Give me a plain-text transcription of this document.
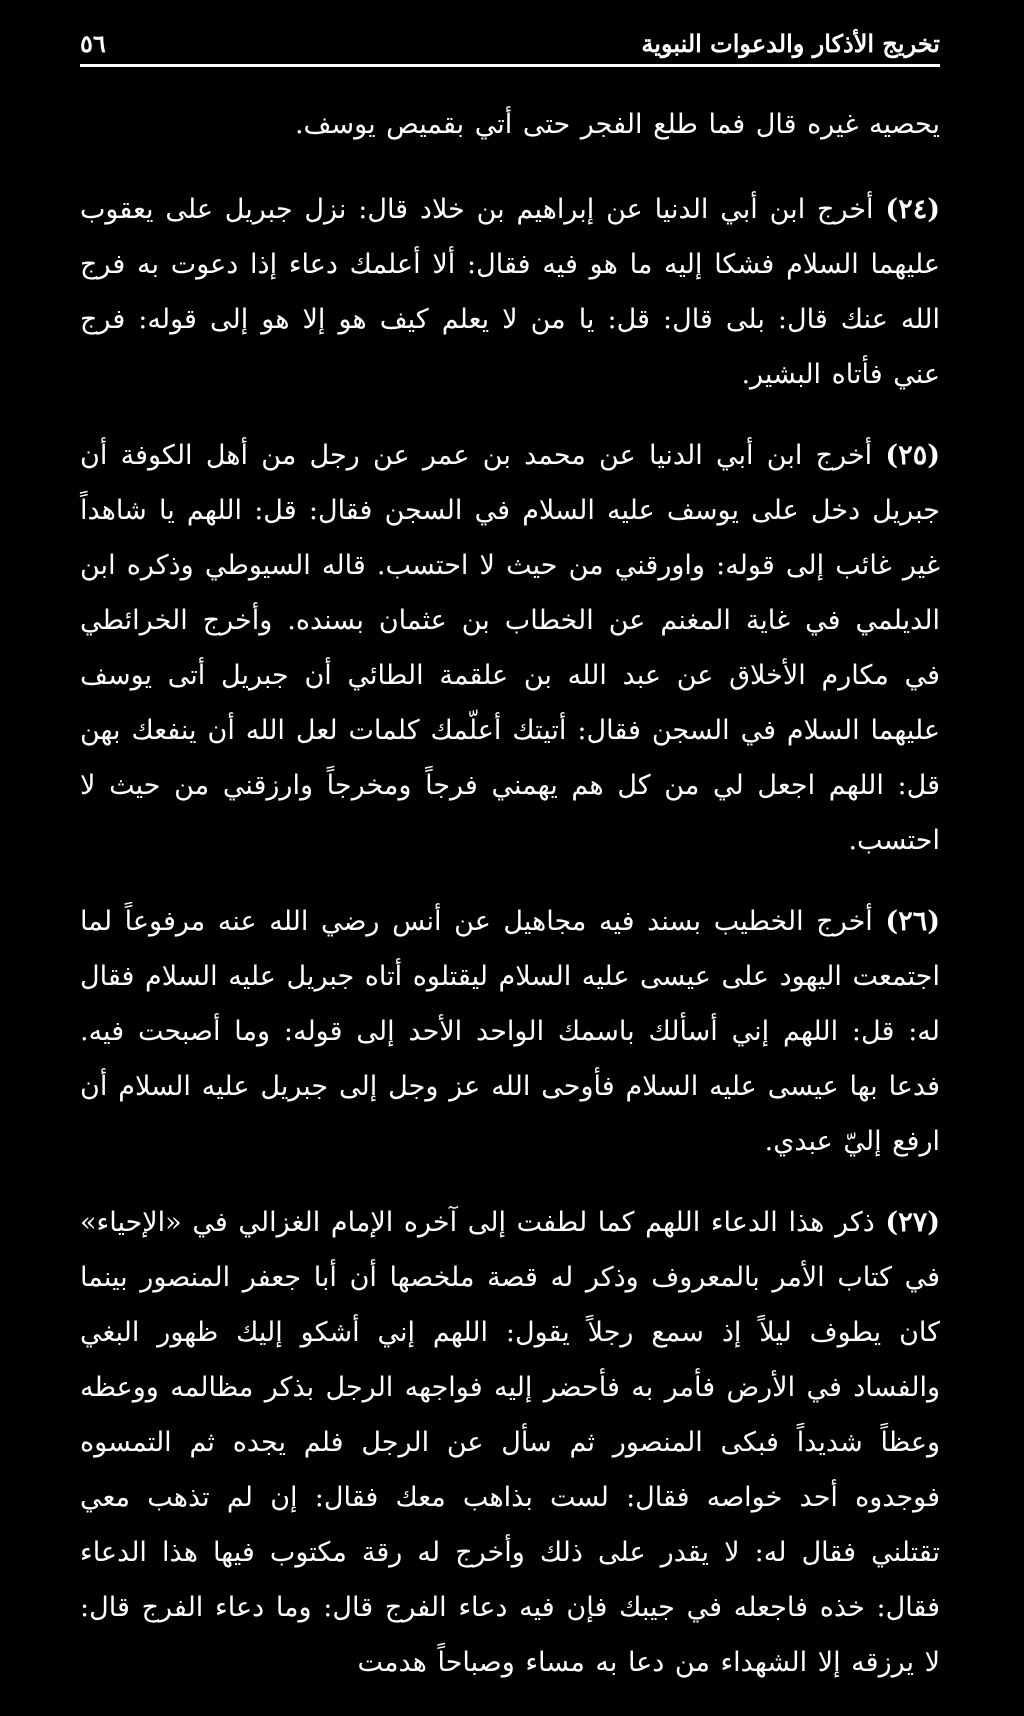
تخريج الأذكار والدعوات النبوية
٥٦

يحصيه غيره قال فما طلع الفجر حتى أتي بقميص يوسف.

(٢٤) أخرج ابن أبي الدنيا عن إبراهيم بن خلاد قال: نزل جبريل على يعقوب عليهما السلام فشكا إليه ما هو فيه فقال: ألا أعلمك دعاء إذا دعوت به فرج الله عنك قال: بلى قال: قل: يا من لا يعلم كيف هو إلا هو إلى قوله: فرج عني فأتاه البشير.

(٢٥) أخرج ابن أبي الدنيا عن محمد بن عمر عن رجل من أهل الكوفة أن جبريل دخل على يوسف عليه السلام في السجن فقال: قل: اللهم يا شاهداً غير غائب إلى قوله: واورقني من حيث لا احتسب. قاله السيوطي وذكره ابن الديلمي في غاية المغنم عن الخطاب بن عثمان بسنده. وأخرج الخرائطي في مكارم الأخلاق عن عبد الله بن علقمة الطائي أن جبريل أتى يوسف عليهما السلام في السجن فقال: أتيتك أعلّمك كلمات لعل الله أن ينفعك بهن قل: اللهم اجعل لي من كل هم يهمني فرجاً ومخرجاً وارزقني من حيث لا احتسب.

(٢٦) أخرج الخطيب بسند فيه مجاهيل عن أنس رضي الله عنه مرفوعاً لما اجتمعت اليهود على عيسى عليه السلام ليقتلوه أتاه جبريل عليه السلام فقال له: قل: اللهم إني أسألك باسمك الواحد الأحد إلى قوله: وما أصبحت فيه. فدعا بها عيسى عليه السلام فأوحى الله عز وجل إلى جبريل عليه السلام أن ارفع إليّ عبدي.

(٢٧) ذكر هذا الدعاء اللهم كما لطفت إلى آخره الإمام الغزالي في «الإحياء» في كتاب الأمر بالمعروف وذكر له قصة ملخصها أن أبا جعفر المنصور بينما كان يطوف ليلاً إذ سمع رجلاً يقول: اللهم إني أشكو إليك ظهور البغي والفساد في الأرض فأمر به فأحضر إليه فواجهه الرجل بذكر مظالمه ووعظه وعظاً شديداً فبكى المنصور ثم سأل عن الرجل فلم يجده ثم التمسوه فوجدوه أحد خواصه فقال: لست بذاهب معك فقال: إن لم تذهب معي تقتلني فقال له: لا يقدر على ذلك وأخرج له رقة مكتوب فيها هذا الدعاء فقال: خذه فاجعله في جيبك فإن فيه دعاء الفرج قال: وما دعاء الفرج قال: لا يرزقه إلا الشهداء من دعا به مساء وصباحاً هدمت
